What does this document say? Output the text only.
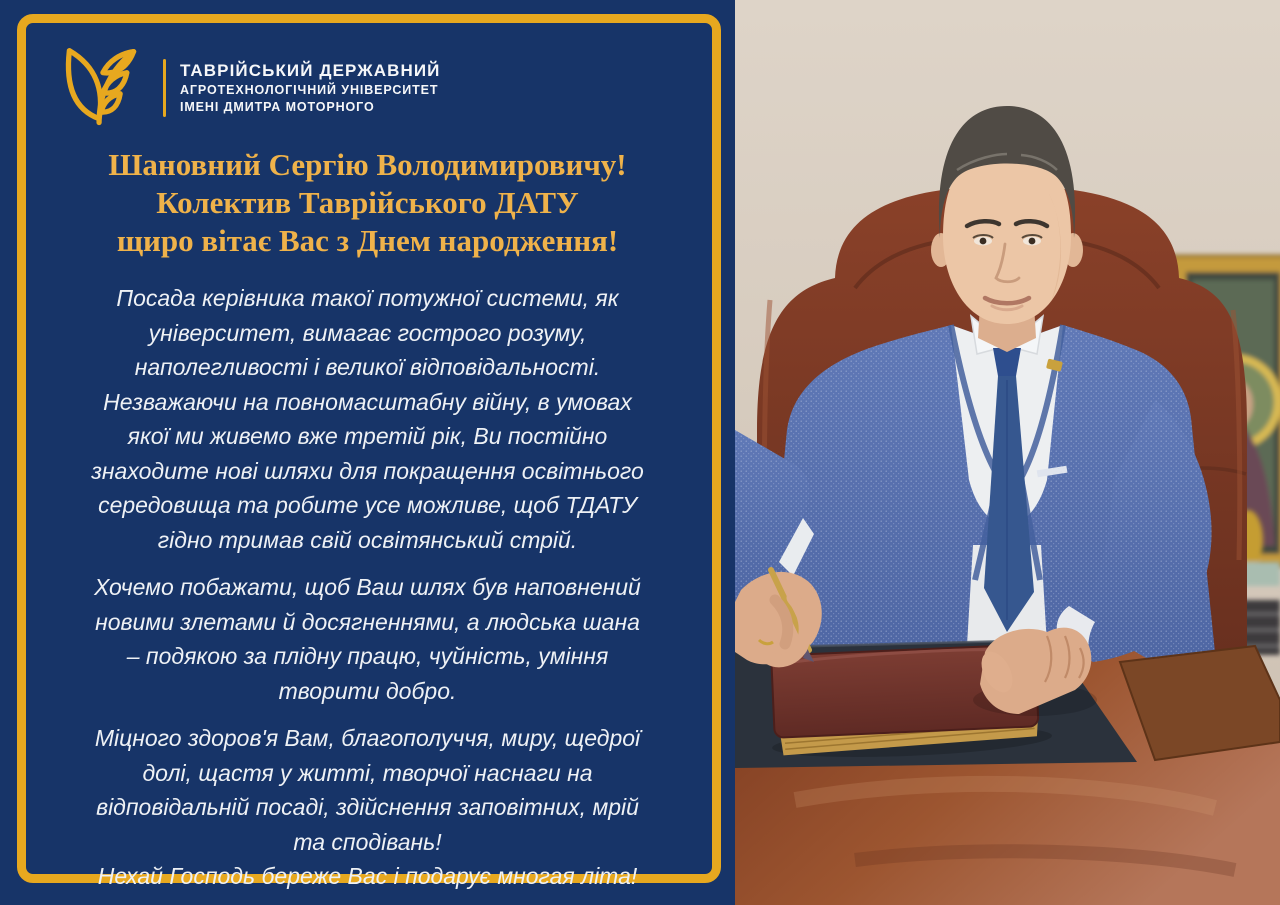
ТАВРІЙСЬКИЙ ДЕРЖАВНИЙ
АГРОТЕХНОЛОГІЧНИЙ УНІВЕРСИТЕТ
ІМЕНІ ДМИТРА МОТОРНОГО
Шановний Сергію Володимировичу!
Колектив Таврійського ДАТУ
щиро вітає Вас з Днем народження!

Посада керівника такої потужної системи, як
університет, вимагає гострого розуму,
наполегливості і великої відповідальності.
Незважаючи на повномасштабну війну, в умовах
якої ми живемо вже третій рік, Ви постійно
знаходите нові шляхи для покращення освітнього
середовища та робите усе можливе, щоб ТДАТУ
гідно тримав свій освітянський стрій.

Хочемо побажати, щоб Ваш шлях був наповнений
новими злетами й досягненнями, а людська шана
– подякою за плідну працю, чуйність, уміння
творити добро.

Міцного здоров'я Вам, благополуччя, миру, щедрої
долі, щастя у житті, творчої наснаги на
відповідальній посаді, здійснення заповітних, мрій
та сподівань!
Нехай Господь береже Вас і подарує многая літа!
